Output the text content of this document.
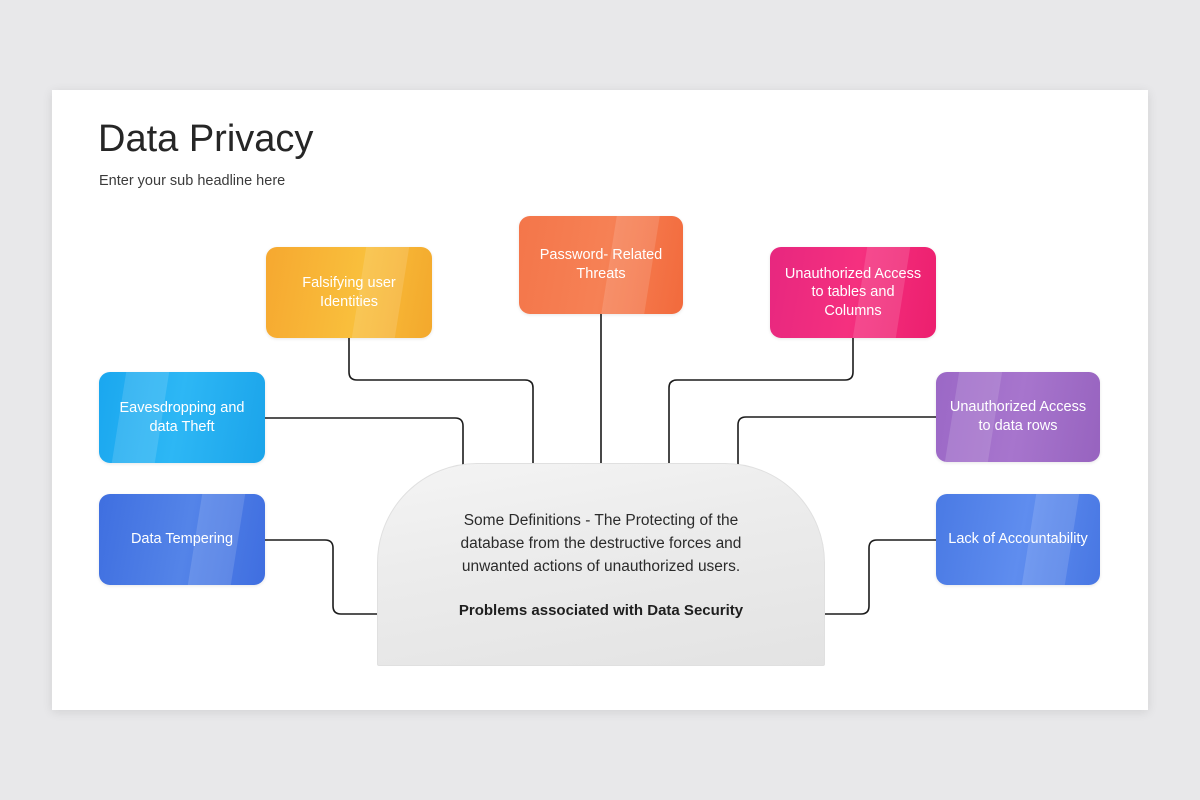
Data Privacy
Enter your sub headline here
Falsifying user Identities
Password- Related Threats	Unauthorized Access to tables and Columns
Eavesdropping and data Theft
Unauthorized Access to data rows
Data Tempering	Lack of Accountability
Some Definitions - The Protecting of the database from the destructive forces and unwanted actions of unauthorized users.
Problems associated with Data Security
